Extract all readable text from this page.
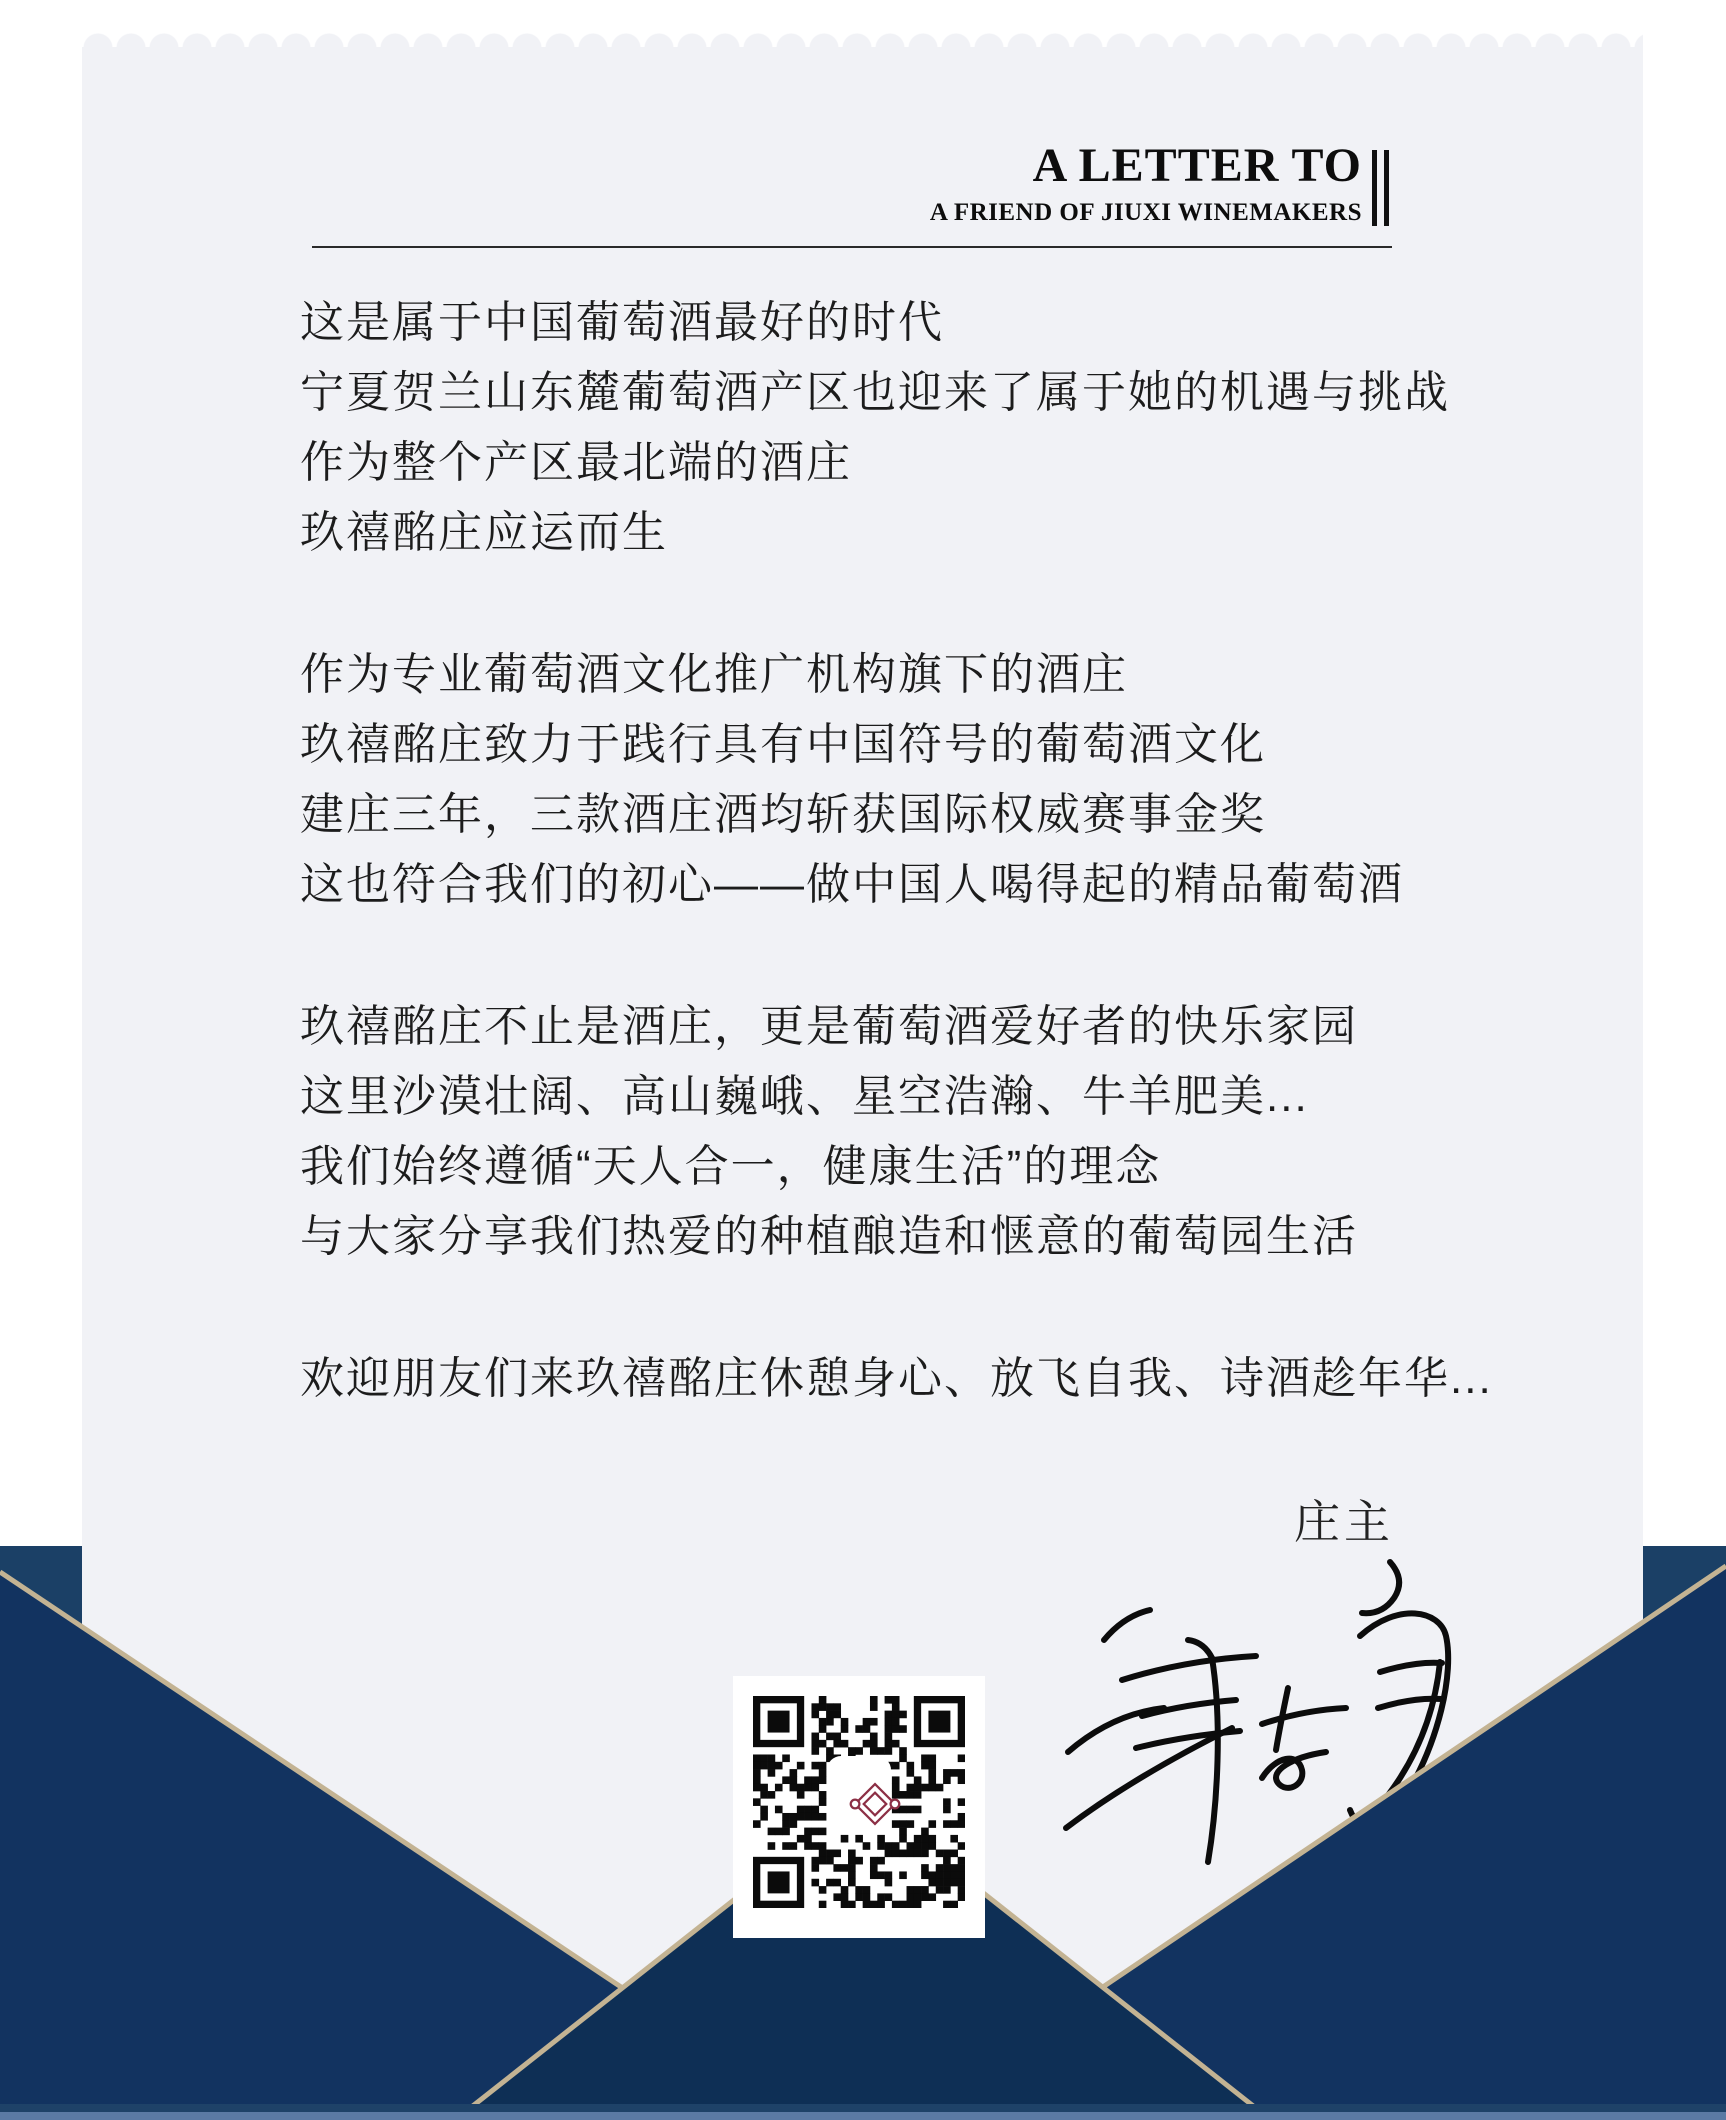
A LETTER TO
A FRIEND OF JIUXI WINEMAKERS
这是属于中国葡萄酒最好的时代
宁夏贺兰山东麓葡萄酒产区也迎来了属于她的机遇与挑战
作为整个产区最北端的酒庄
玖禧酩庄应运而生
作为专业葡萄酒文化推广机构旗下的酒庄
玖禧酩庄致力于践行具有中国符号的葡萄酒文化
建庄三年，三款酒庄酒均斩获国际权威赛事金奖
这也符合我们的初心——做中国人喝得起的精品葡萄酒
玖禧酩庄不止是酒庄，更是葡萄酒爱好者的快乐家园
这里沙漠壮阔、高山巍峨、星空浩瀚、牛羊肥美...
我们始终遵循“天人合一，健康生活”的理念
与大家分享我们热爱的种植酿造和惬意的葡萄园生活
欢迎朋友们来玖禧酩庄休憩身心、放飞自我、诗酒趁年华...
庄主
